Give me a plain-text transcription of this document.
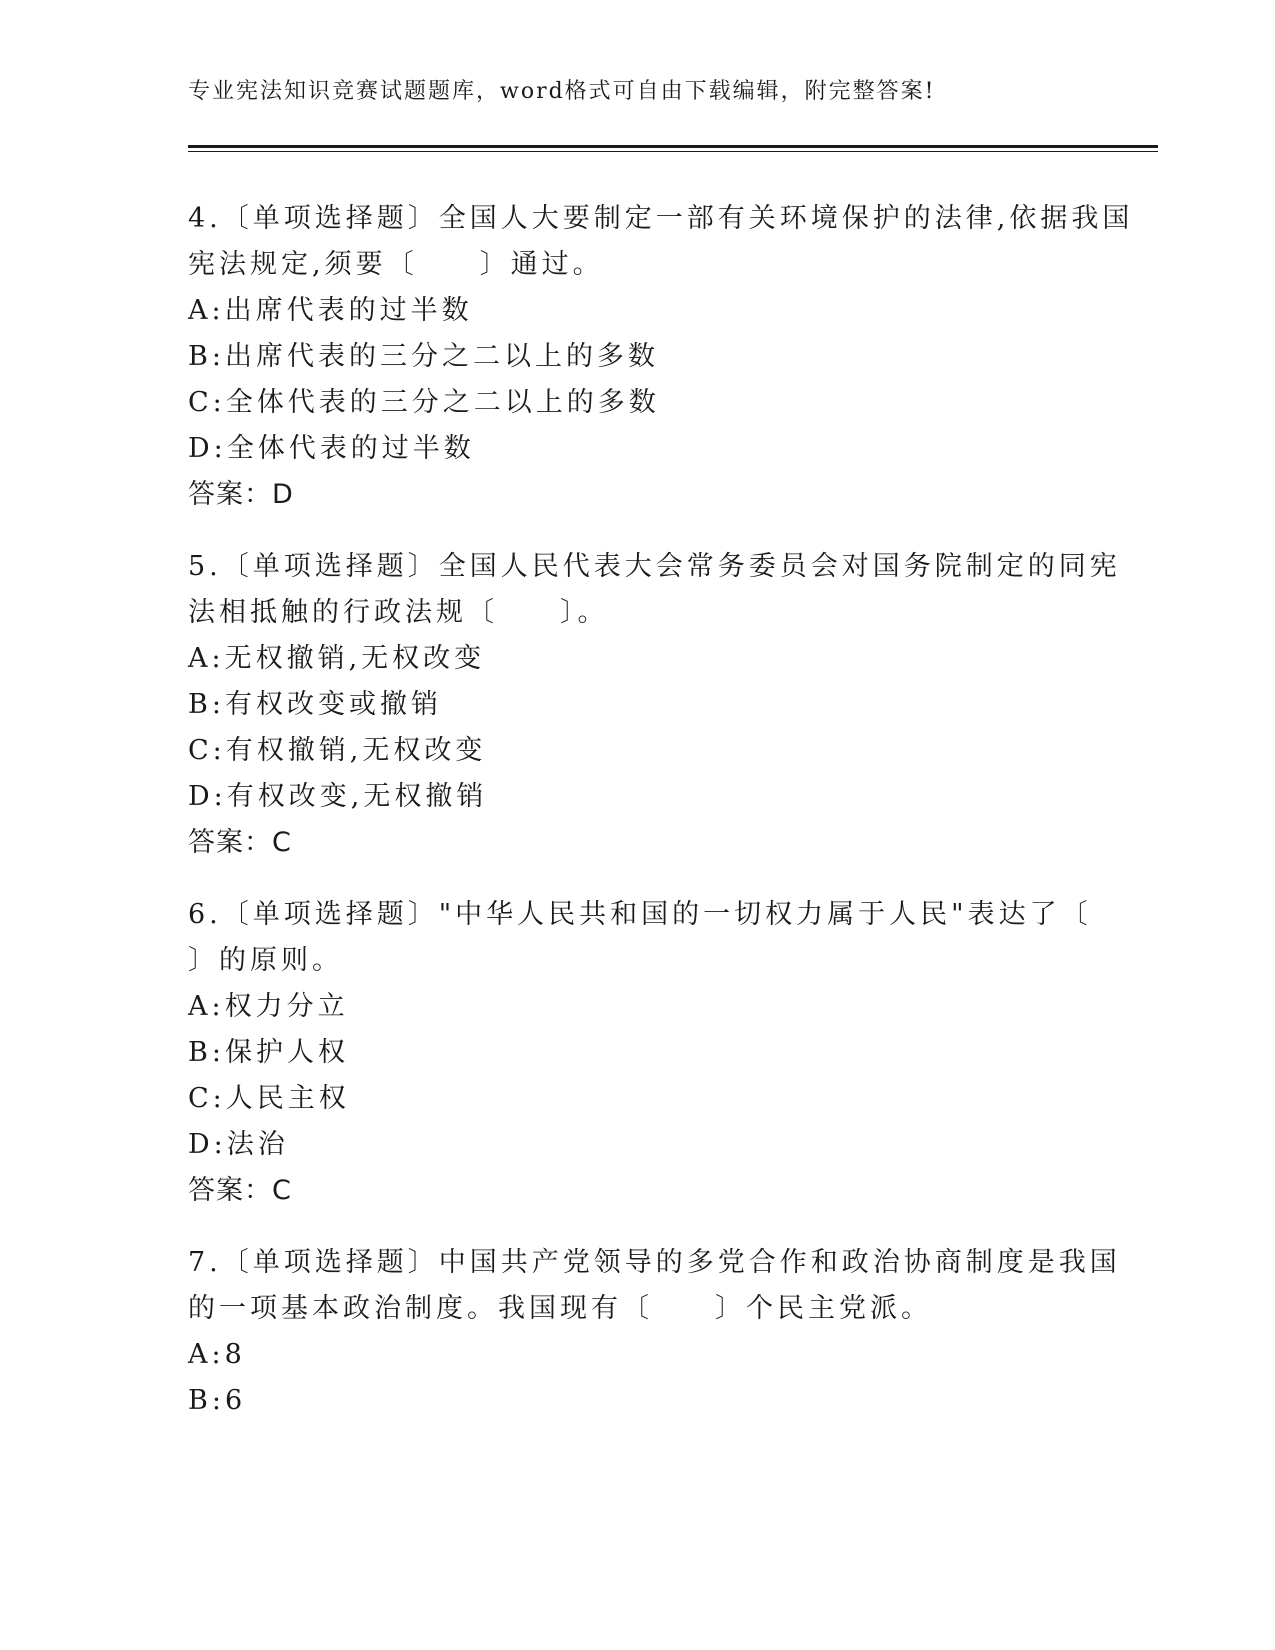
专业宪法知识竞赛试题题库，word格式可自由下载编辑，附完整答案!
4.〔单项选择题〕全国人大要制定一部有关环境保护的法律,依据我国
宪法规定,须要〔　　〕通过。
A:出席代表的过半数
B:出席代表的三分之二以上的多数
C:全体代表的三分之二以上的多数
D:全体代表的过半数
答案：D
5.〔单项选择题〕全国人民代表大会常务委员会对国务院制定的同宪
法相抵触的行政法规〔　　〕。
A:无权撤销,无权改变
B:有权改变或撤销
C:有权撤销,无权改变
D:有权改变,无权撤销
答案：C
6.〔单项选择题〕"中华人民共和国的一切权力属于人民"表达了〔
〕的原则。
A:权力分立
B:保护人权
C:人民主权
D:法治
答案：C
7.〔单项选择题〕中国共产党领导的多党合作和政治协商制度是我国
的一项基本政治制度。我国现有〔　　〕个民主党派。
A:8
B:6
